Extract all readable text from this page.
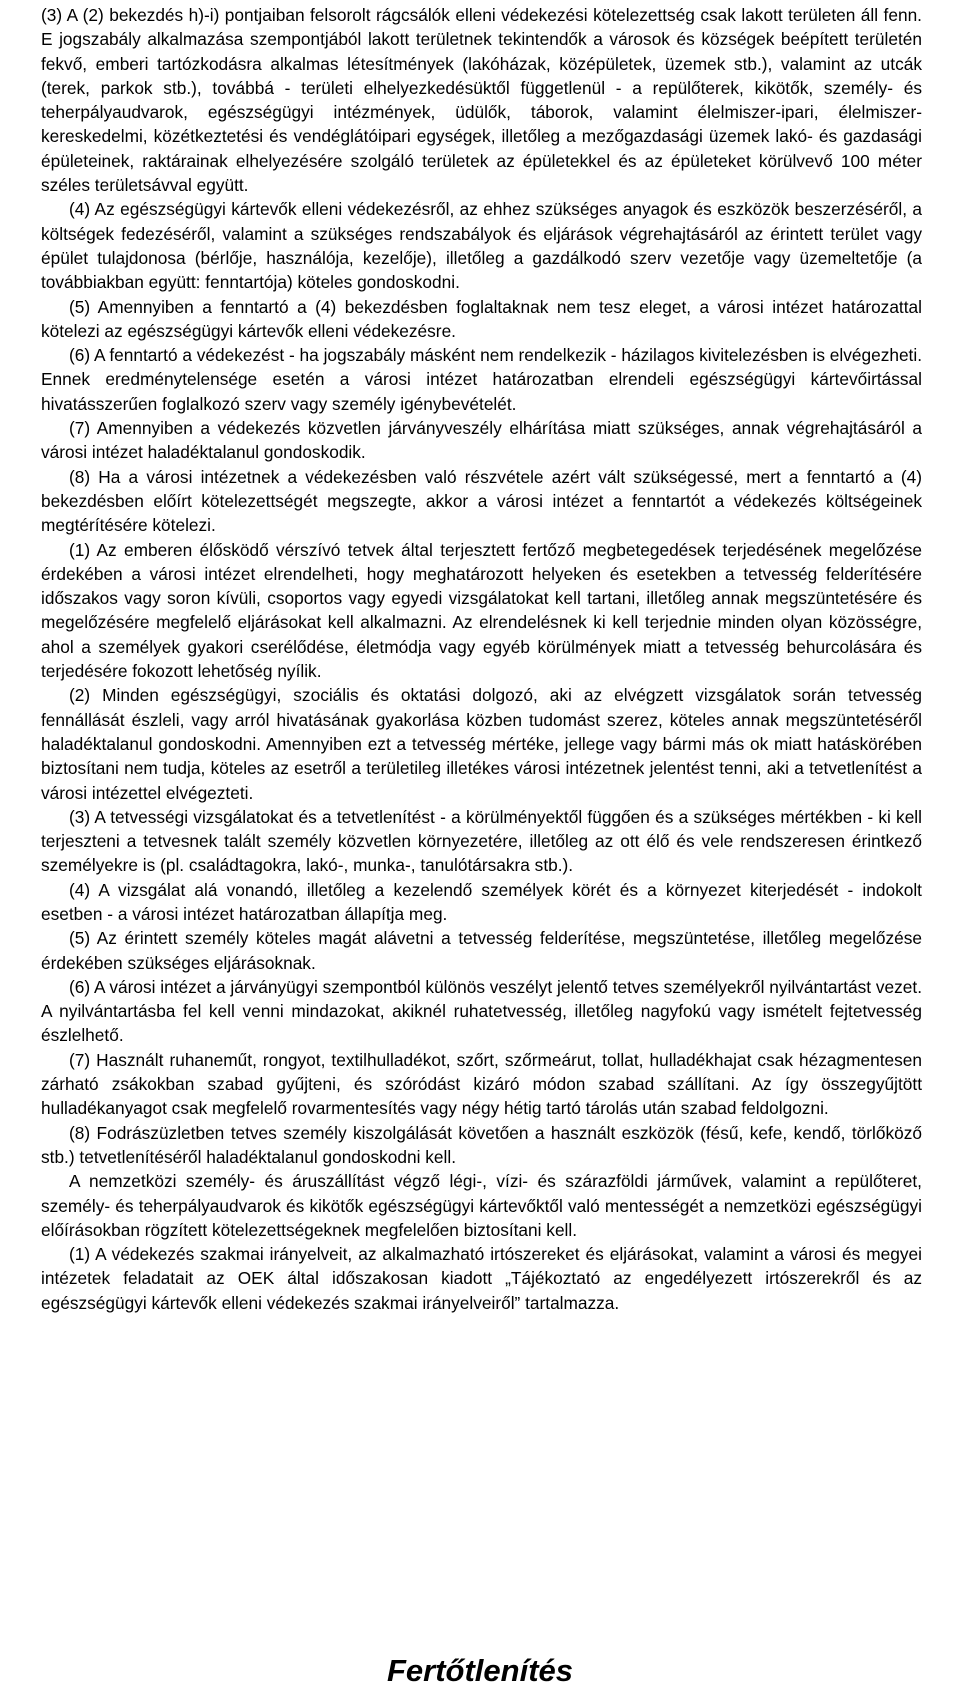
(3) A (2) bekezdés h)-i) pontjaiban felsorolt rágcsálók elleni védekezési kötelezettség csak lakott területen áll fenn. E jogszabály alkalmazása szempontjából lakott területnek tekintendők a városok és községek beépített területén fekvő, emberi tartózkodásra alkalmas létesítmények (lakóházak, középületek, üzemek stb.), valamint az utcák (terek, parkok stb.), továbbá - területi elhelyezkedésüktől függetlenül - a repülőterek, kikötők, személy- és teherpályaudvarok, egészségügyi intézmények, üdülők, táborok, valamint élelmiszer-ipari, élelmiszer-kereskedelmi, közétkeztetési és vendéglátóipari egységek, illetőleg a mezőgazdasági üzemek lakó- és gazdasági épületeinek, raktárainak elhelyezésére szolgáló területek az épületekkel és az épületeket körülvevő 100 méter széles területsávval együtt.

(4) Az egészségügyi kártevők elleni védekezésről, az ehhez szükséges anyagok és eszközök beszerzéséről, a költségek fedezéséről, valamint a szükséges rendszabályok és eljárások végrehajtásáról az érintett terület vagy épület tulajdonosa (bérlője, használója, kezelője), illetőleg a gazdálkodó szerv vezetője vagy üzemeltetője (a továbbiakban együtt: fenntartója) köteles gondoskodni.

(5) Amennyiben a fenntartó a (4) bekezdésben foglaltaknak nem tesz eleget, a városi intézet határozattal kötelezi az egészségügyi kártevők elleni védekezésre.

(6) A fenntartó a védekezést - ha jogszabály másként nem rendelkezik - házilagos kivitelezésben is elvégezheti. Ennek eredménytelensége esetén a városi intézet határozatban elrendeli egészségügyi kártevőirtással hivatásszerűen foglalkozó szerv vagy személy igénybevételét.

(7) Amennyiben a védekezés közvetlen járványveszély elhárítása miatt szükséges, annak végrehajtásáról a városi intézet haladéktalanul gondoskodik.

(8) Ha a városi intézetnek a védekezésben való részvétele azért vált szükségessé, mert a fenntartó a (4) bekezdésben előírt kötelezettségét megszegte, akkor a városi intézet a fenntartót a védekezés költségeinek megtérítésére kötelezi.

(1) Az emberen élősködő vérszívó tetvek által terjesztett fertőző megbetegedések terjedésének megelőzése érdekében a városi intézet elrendelheti, hogy meghatározott helyeken és esetekben a tetvesség felderítésére időszakos vagy soron kívüli, csoportos vagy egyedi vizsgálatokat kell tartani, illetőleg annak megszüntetésére és megelőzésére megfelelő eljárásokat kell alkalmazni. Az elrendelésnek ki kell terjednie minden olyan közösségre, ahol a személyek gyakori cserélődése, életmódja vagy egyéb körülmények miatt a tetvesség behurcolására és terjedésére fokozott lehetőség nyílik.

(2) Minden egészségügyi, szociális és oktatási dolgozó, aki az elvégzett vizsgálatok során tetvesség fennállását észleli, vagy arról hivatásának gyakorlása közben tudomást szerez, köteles annak megszüntetéséről haladéktalanul gondoskodni. Amennyiben ezt a tetvesség mértéke, jellege vagy bármi más ok miatt hatáskörében biztosítani nem tudja, köteles az esetről a területileg illetékes városi intézetnek jelentést tenni, aki a tetvetlenítést a városi intézettel elvégezteti.

(3) A tetvességi vizsgálatokat és a tetvetlenítést - a körülményektől függően és a szükséges mértékben - ki kell terjeszteni a tetvesnek talált személy közvetlen környezetére, illetőleg az ott élő és vele rendszeresen érintkező személyekre is (pl. családtagokra, lakó-, munka-, tanulótársakra stb.).

(4) A vizsgálat alá vonandó, illetőleg a kezelendő személyek körét és a környezet kiterjedését - indokolt esetben - a városi intézet határozatban állapítja meg.

(5) Az érintett személy köteles magát alávetni a tetvesség felderítése, megszüntetése, illetőleg megelőzése érdekében szükséges eljárásoknak.

(6) A városi intézet a járványügyi szempontból különös veszélyt jelentő tetves személyekről nyilvántartást vezet. A nyilvántartásba fel kell venni mindazokat, akiknél ruhatetvesség, illetőleg nagyfokú vagy ismételt fejtetvesség észlelhető.

(7) Használt ruhaneműt, rongyot, textilhulladékot, szőrt, szőrmeárut, tollat, hulladékhajat csak hézagmentesen zárható zsákokban szabad gyűjteni, és szóródást kizáró módon szabad szállítani. Az így összegyűjtött hulladékanyagot csak megfelelő rovarmentesítés vagy négy hétig tartó tárolás után szabad feldolgozni.

(8) Fodrászüzletben tetves személy kiszolgálását követően a használt eszközök (fésű, kefe, kendő, törlőköző stb.) tetvetlenítéséről haladéktalanul gondoskodni kell.

A nemzetközi személy- és áruszállítást végző légi-, vízi- és szárazföldi járművek, valamint a repülőteret, személy- és teherpályaudvarok és kikötők egészségügyi kártevőktől való mentességét a nemzetközi egészségügyi előírásokban rögzített kötelezettségeknek megfelelően biztosítani kell.

(1) A védekezés szakmai irányelveit, az alkalmazható irtószereket és eljárásokat, valamint a városi és megyei intézetek feladatait az OEK által időszakosan kiadott „Tájékoztató az engedélyezett irtószerekről és az egészségügyi kártevők elleni védekezés szakmai irányelveiről” tartalmazza.

Fertőtlenítés
